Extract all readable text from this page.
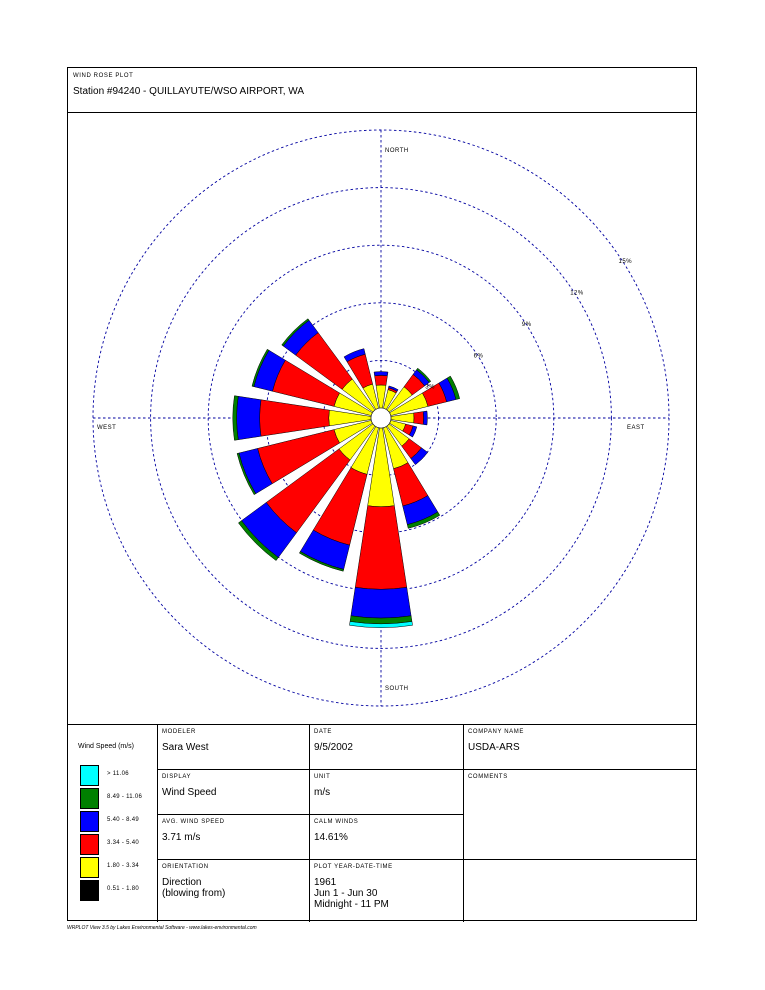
WIND ROSE PLOT
Station #94240 - QUILLAYUTE/WSO AIRPORT, WA
NORTH
SOUTH
EAST
WEST
3%
6%
9%
12%
15%
Wind Speed (m/s)
> 11.06
8.49 - 11.06
5.40 - 8.49
3.34 - 5.40
1.80 - 3.34
0.51 - 1.80
MODELER
Sara West
DATE
9/5/2002
COMPANY NAME
USDA-ARS
DISPLAY
Wind Speed
UNIT
m/s
COMMENTS
AVG. WIND SPEED
3.71 m/s
CALM WINDS
14.61%
ORIENTATION
Direction
(blowing from)
PLOT YEAR-DATE-TIME
1961
Jun 1 - Jun 30
Midnight - 11 PM
WRPLOT View 3.5 by Lakes Environmental Software - www.lakes-environmental.com
